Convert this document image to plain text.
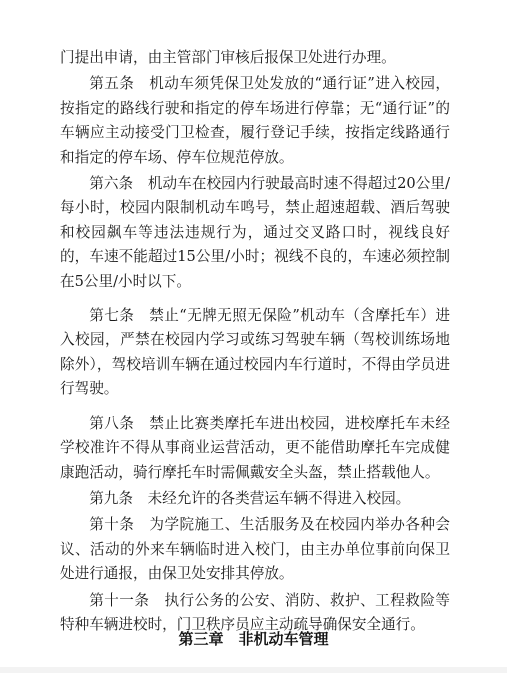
门提出申请，由主管部门审核后报保卫处进行办理。

第五条　机动车须凭保卫处发放的“通行证”进入校园，按指定的路线行驶和指定的停车场进行停靠；无“通行证”的车辆应主动接受门卫检查，履行登记手续，按指定线路通行和指定的停车场、停车位规范停放。

第六条　机动车在校园内行驶最高时速不得超过20公里/每小时，校园内限制机动车鸣号，禁止超速超载、酒后驾驶和校园飙车等违法违规行为，通过交叉路口时，视线良好的，车速不能超过15公里/小时；视线不良的，车速必须控制在5公里/小时以下。

第七条　禁止“无牌无照无保险”机动车（含摩托车）进入校园，严禁在校园内学习或练习驾驶车辆（驾校训练场地除外），驾校培训车辆在通过校园内车行道时，不得由学员进行驾驶。

第八条　禁止比赛类摩托车进出校园，进校摩托车未经学校准许不得从事商业运营活动，更不能借助摩托车完成健康跑活动，骑行摩托车时需佩戴安全头盔，禁止搭载他人。

第九条　未经允许的各类营运车辆不得进入校园。

第十条　为学院施工、生活服务及在校园内举办各种会议、活动的外来车辆临时进入校门，由主办单位事前向保卫处进行通报，由保卫处安排其停放。

第十一条　执行公务的公安、消防、救护、工程救险等特种车辆进校时，门卫秩序员应主动疏导确保安全通行。

第三章　非机动车管理
